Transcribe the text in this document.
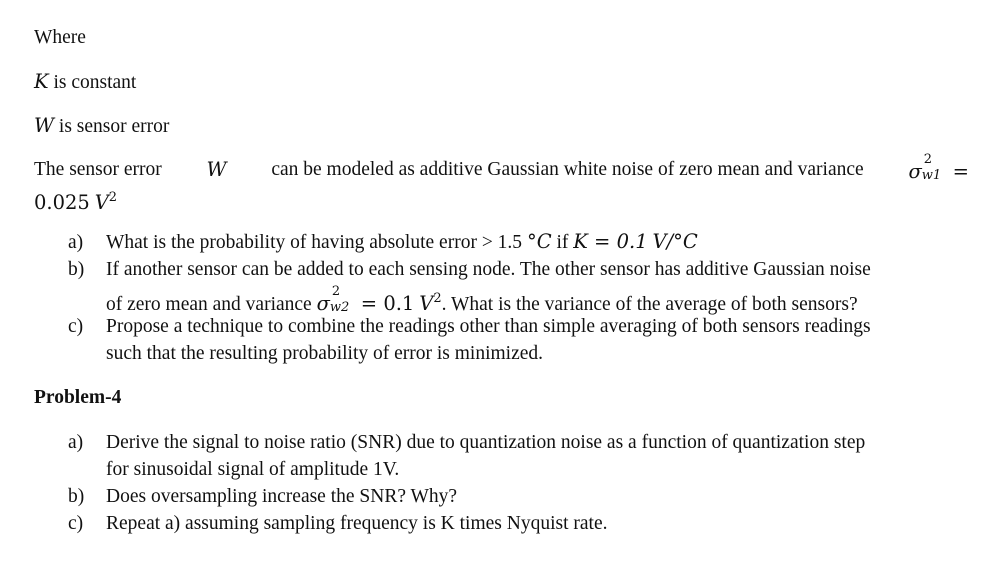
Where
K is constant
W is sensor error
The sensor error W can be modeled as additive Gaussian white noise of zero mean and variance σ
2
w1 =
0.025 $V^2$
a) What is the probability of having absolute error > 1.5 °C if K = 0.1 V/°C
b) If another sensor can be added to each sensing node. The other sensor has additive Gaussian noise
of zero mean and variance σ
2
w2 = 0.1 $V^2$. What is the variance of the average of both sensors?
c) Propose a technique to combine the readings other than simple averaging of both sensors readings
such that the resulting probability of error is minimized.
Problem-4
a) Derive the signal to noise ratio (SNR) due to quantization noise as a function of quantization step
for sinusoidal signal of amplitude 1V.
b) Does oversampling increase the SNR? Why?
c) Repeat a) assuming sampling frequency is K times Nyquist rate.
